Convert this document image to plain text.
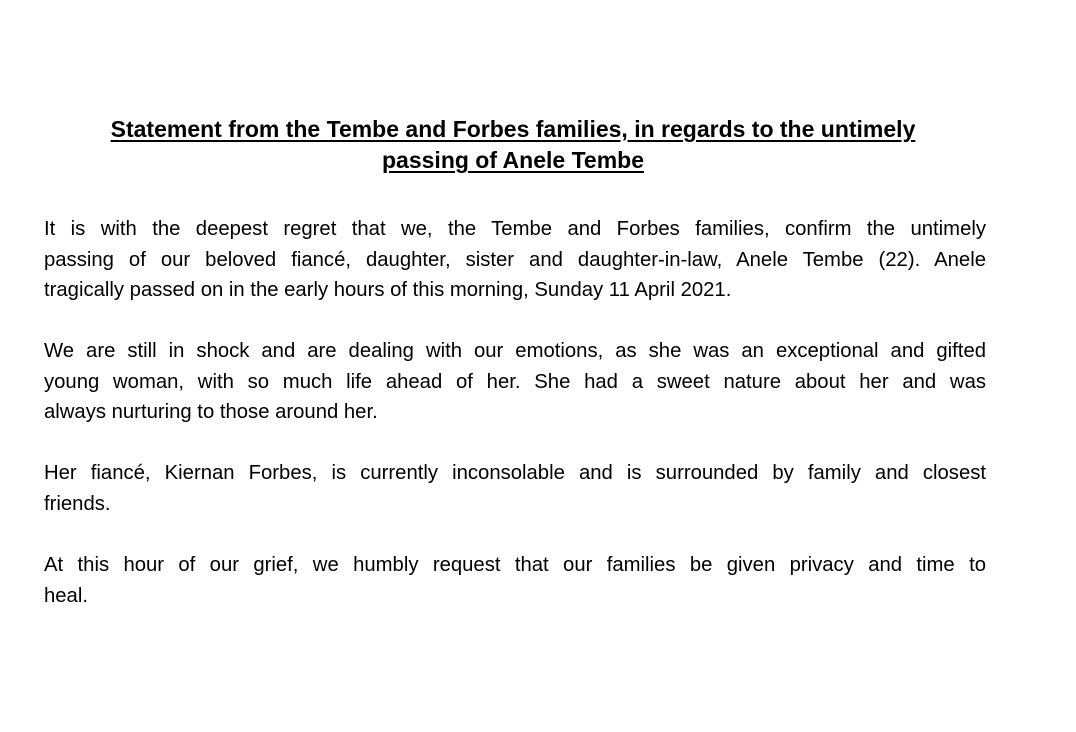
Statement from the Tembe and Forbes families, in regards to the untimely
passing of Anele Tembe
It is with the deepest regret that we, the Tembe and Forbes families, confirm the untimely
passing of our beloved fiancé, daughter, sister and daughter-in-law, Anele Tembe (22). Anele
tragically passed on in the early hours of this morning, Sunday 11 April 2021.
We are still in shock and are dealing with our emotions, as she was an exceptional and gifted
young woman, with so much life ahead of her. She had a sweet nature about her and was
always nurturing to those around her.
Her fiancé, Kiernan Forbes, is currently inconsolable and is surrounded by family and closest
friends.
At this hour of our grief, we humbly request that our families be given privacy and time to
heal.
